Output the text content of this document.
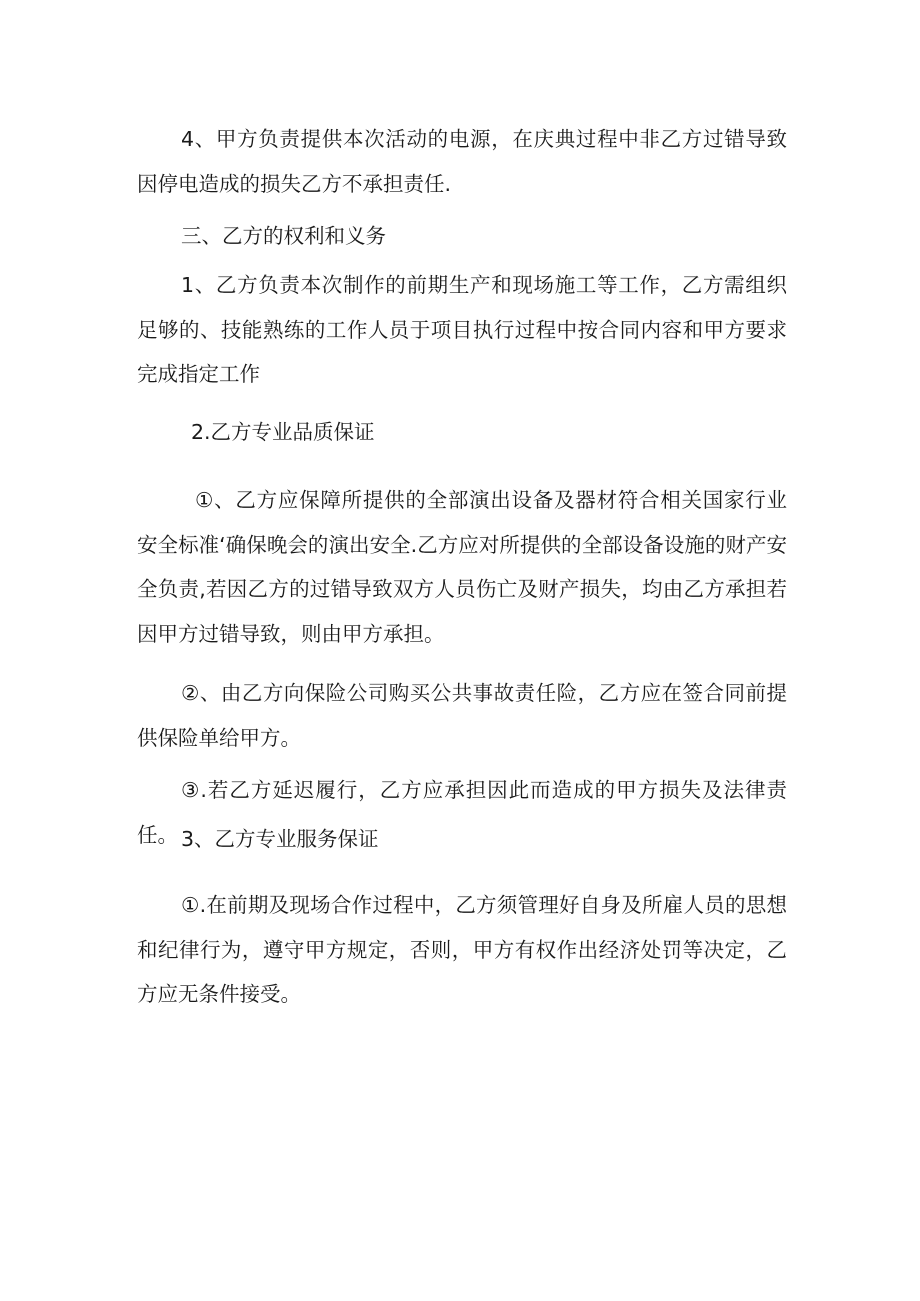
4、甲方负责提供本次活动的电源，在庆典过程中非乙方过错导致因停电造成的损失乙方不承担责任.

三、乙方的权利和义务

1、乙方负责本次制作的前期生产和现场施工等工作，乙方需组织足够的、技能熟练的工作人员于项目执行过程中按合同内容和甲方要求完成指定工作

2.乙方专业品质保证

①、乙方应保障所提供的全部演出设备及器材符合相关国家行业安全标准‘确保晚会的演出安全.乙方应对所提供的全部设备设施的财产安全负责,若因乙方的过错导致双方人员伤亡及财产损失，均由乙方承担若因甲方过错导致，则由甲方承担。

②、由乙方向保险公司购买公共事故责任险，乙方应在签合同前提供保险单给甲方。

③.若乙方延迟履行，乙方应承担因此而造成的甲方损失及法律责任。 3、乙方专业服务保证

①.在前期及现场合作过程中，乙方须管理好自身及所雇人员的思想和纪律行为，遵守甲方规定，否则，甲方有权作出经济处罚等决定，乙方应无条件接受。
